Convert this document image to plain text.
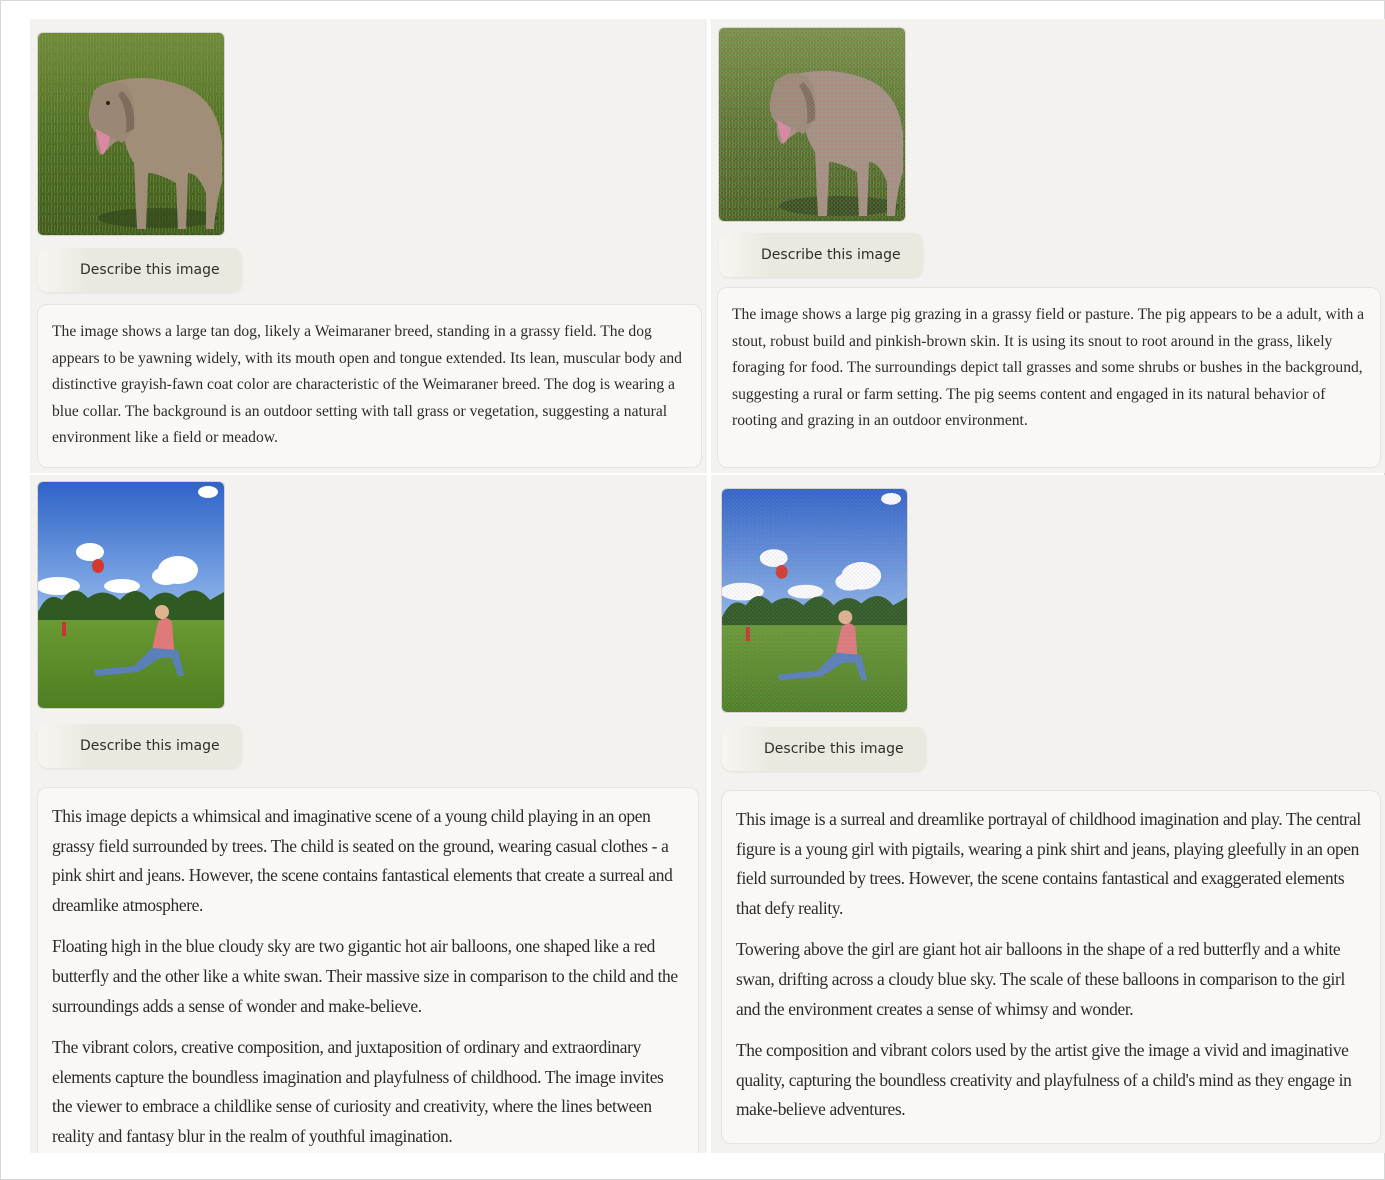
Describe this image

The image shows a large tan dog, likely a Weimaraner breed, standing in a grassy field. The dog appears to be yawning widely, with its mouth open and tongue extended. Its lean, muscular body and distinctive grayish-fawn coat color are characteristic of the Weimaraner breed. The dog is wearing a blue collar. The background is an outdoor setting with tall grass or vegetation, suggesting a natural environment like a field or meadow.

Describe this image

The image shows a large pig grazing in a grassy field or pasture. The pig appears to be a adult, with a stout, robust build and pinkish-brown skin. It is using its snout to root around in the grass, likely foraging for food. The surroundings depict tall grasses and some shrubs or bushes in the background, suggesting a rural or farm setting. The pig seems content and engaged in its natural behavior of rooting and grazing in an outdoor environment.

Describe this image

This image depicts a whimsical and imaginative scene of a young child playing in an open grassy field surrounded by trees. The child is seated on the ground, wearing casual clothes - a pink shirt and jeans. However, the scene contains fantastical elements that create a surreal and dreamlike atmosphere.

Floating high in the blue cloudy sky are two gigantic hot air balloons, one shaped like a red butterfly and the other like a white swan. Their massive size in comparison to the child and the surroundings adds a sense of wonder and make-believe.

The vibrant colors, creative composition, and juxtaposition of ordinary and extraordinary elements capture the boundless imagination and playfulness of childhood. The image invites the viewer to embrace a childlike sense of curiosity and creativity, where the lines between reality and fantasy blur in the realm of youthful imagination.

Describe this image

This image is a surreal and dreamlike portrayal of childhood imagination and play. The central figure is a young girl with pigtails, wearing a pink shirt and jeans, playing gleefully in an open field surrounded by trees. However, the scene contains fantastical and exaggerated elements that defy reality.

Towering above the girl are giant hot air balloons in the shape of a red butterfly and a white swan, drifting across a cloudy blue sky. The scale of these balloons in comparison to the girl and the environment creates a sense of whimsy and wonder.

The composition and vibrant colors used by the artist give the image a vivid and imaginative quality, capturing the boundless creativity and playfulness of a child's mind as they engage in make-believe adventures.
